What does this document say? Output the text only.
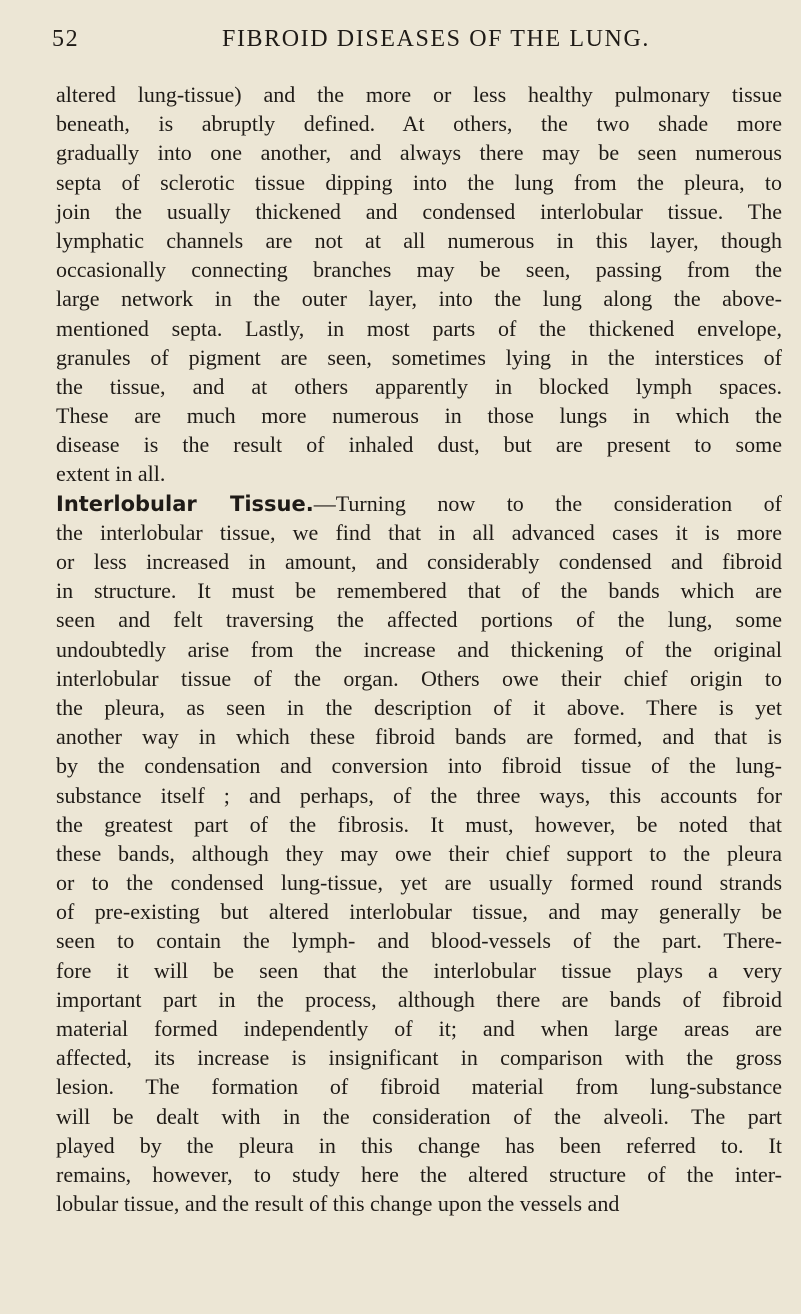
52	FIBROID DISEASES OF THE LUNG.
altered lung-tissue) and the more or less healthy pulmonary tissue
beneath, is abruptly defined. At others, the two shade more
gradually into one another, and always there may be seen numerous
septa of sclerotic tissue dipping into the lung from the pleura, to
join the usually thickened and condensed interlobular tissue. The
lymphatic channels are not at all numerous in this layer, though
occasionally connecting branches may be seen, passing from the
large network in the outer layer, into the lung along the above-
mentioned septa. Lastly, in most parts of the thickened envelope,
granules of pigment are seen, sometimes lying in the interstices of
the tissue, and at others apparently in blocked lymph spaces.
These are much more numerous in those lungs in which the
disease is the result of inhaled dust, but are present to some
extent in all.
Interlobular Tissue.—Turning now to the consideration of
the interlobular tissue, we find that in all advanced cases it is more
or less increased in amount, and considerably condensed and fibroid
in structure. It must be remembered that of the bands which are
seen and felt traversing the affected portions of the lung, some
undoubtedly arise from the increase and thickening of the original
interlobular tissue of the organ. Others owe their chief origin to
the pleura, as seen in the description of it above. There is yet
another way in which these fibroid bands are formed, and that is
by the condensation and conversion into fibroid tissue of the lung-
substance itself ; and perhaps, of the three ways, this accounts for
the greatest part of the fibrosis. It must, however, be noted that
these bands, although they may owe their chief support to the pleura
or to the condensed lung-tissue, yet are usually formed round strands
of pre-existing but altered interlobular tissue, and may generally be
seen to contain the lymph- and blood-vessels of the part. There-
fore it will be seen that the interlobular tissue plays a very
important part in the process, although there are bands of fibroid
material formed independently of it; and when large areas are
affected, its increase is insignificant in comparison with the gross
lesion. The formation of fibroid material from lung-substance
will be dealt with in the consideration of the alveoli. The part
played by the pleura in this change has been referred to. It
remains, however, to study here the altered structure of the inter-
lobular tissue, and the result of this change upon the vessels and
